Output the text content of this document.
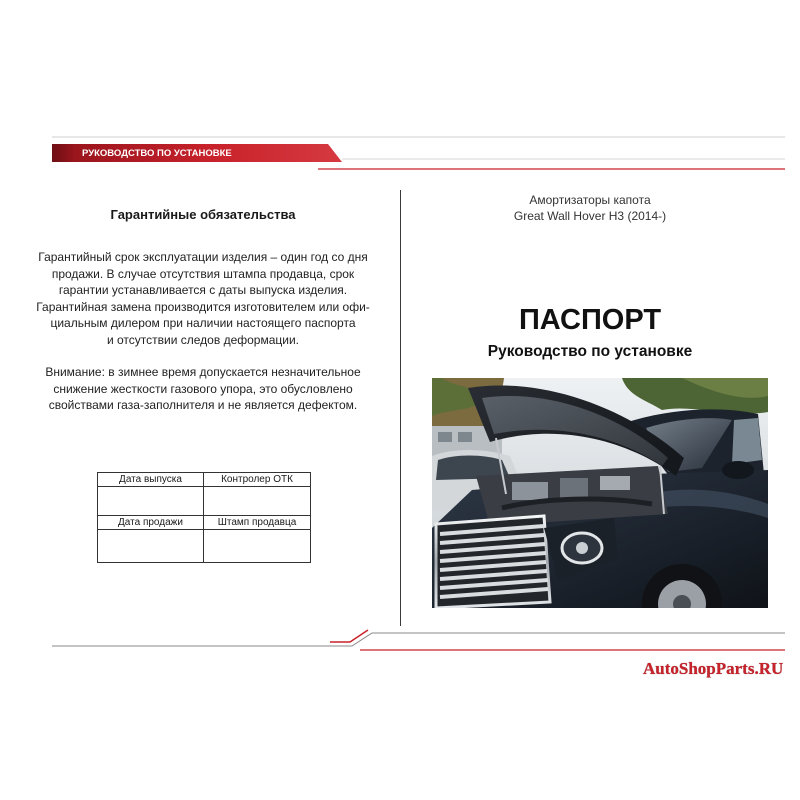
РУКОВОДСТВО ПО УСТАНОВКЕ
Гарантийные обязательства
Гарантийный срок эксплуатации изделия – один год со дня
продажи. В случае отсутствия штампа продавца, срок
гарантии устанавливается с даты выпуска изделия.
Гарантийная замена производится изготовителем или офи-
циальным дилером при наличии настоящего паспорта
и отсутствии следов деформации.
Внимание: в зимнее время допускается незначительное
снижение жесткости газового упора, это обусловлено
свойствами газа-заполнителя и не является дефектом.
Дата выпуска	Контролер ОТК

Дата продажи	Штамп продавца

Амортизаторы капота
Great Wall Hover H3 (2014-)
ПАСПОРТ
Руководство по установке
AutoShopParts.RU
